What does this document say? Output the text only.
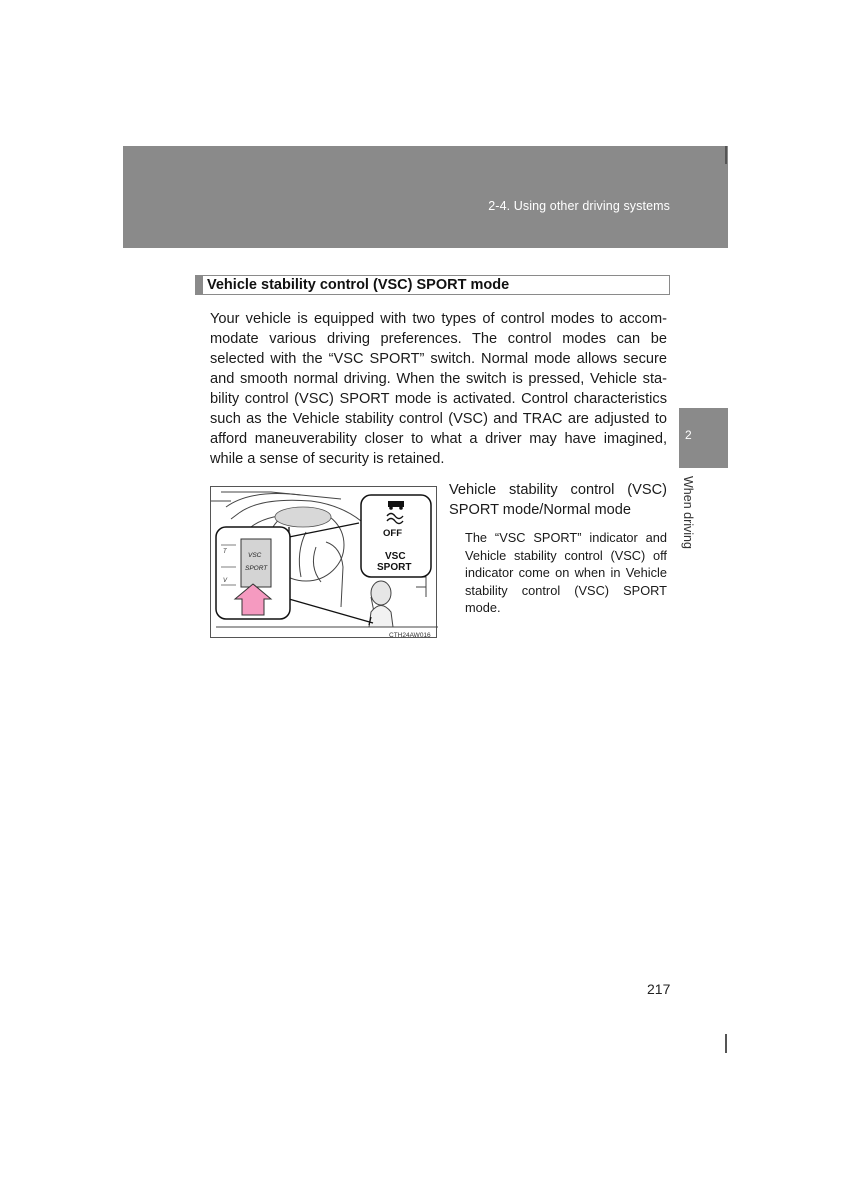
2-4. Using other driving systems
Vehicle stability control (VSC) SPORT mode
Your vehicle is equipped with two types of control modes to accommodate various driving preferences. The control modes can be selected with the “VSC SPORT” switch. Normal mode allows secure and smooth normal driving. When the switch is pressed, Vehicle stability control (VSC) SPORT mode is activated. Control characteristics such as the Vehicle stability control (VSC) and TRAC are adjusted to afford maneuverability closer to what a driver may have imagined, while a sense of security is retained.
T
V
VSC
SPORT
OFF
VSC
SPORT
CTH24AW016
Vehicle stability control (VSC) SPORT mode/Normal mode
The “VSC SPORT” indicator and Vehicle stability control (VSC) off indicator come on when in Vehicle stability control (VSC) SPORT mode.
2
When driving
217
